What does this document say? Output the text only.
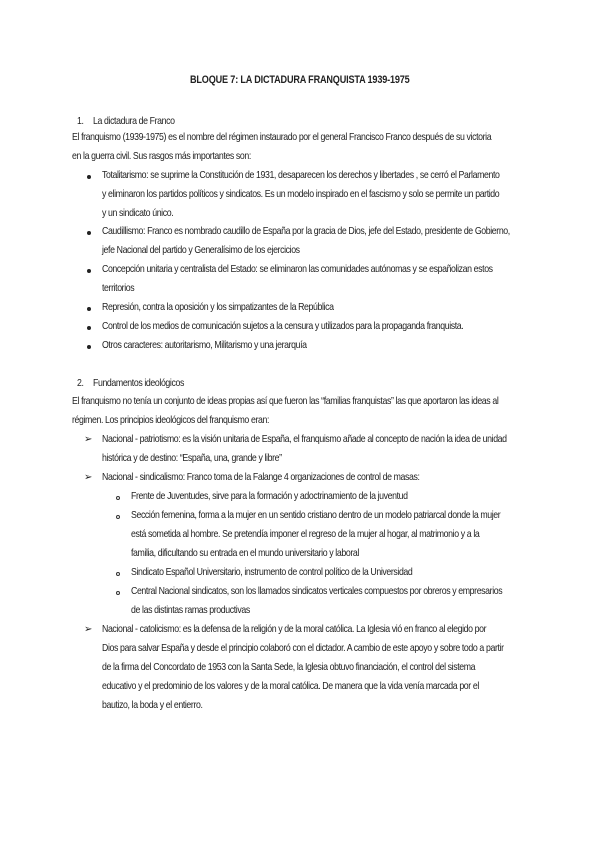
BLOQUE 7: LA DICTADURA FRANQUISTA 1939-1975
1. La dictadura de Franco
El franquismo (1939-1975) es el nombre del régimen instaurado por el general Francisco Franco después de su victoria
en la guerra civil. Sus rasgos más importantes son:
Totalitarismo: se suprime la Constitución de 1931, desaparecen los derechos y libertades , se cerró el Parlamento
y eliminaron los partidos políticos y sindicatos. Es un modelo inspirado en el fascismo y solo se permite un partido
y un sindicato único.
Caudillismo: Franco es nombrado caudillo de España por la gracia de Dios, jefe del Estado, presidente de Gobierno,
jefe Nacional del partido y Generalísimo de los ejercicios
Concepción unitaria y centralista del Estado: se eliminaron las comunidades autónomas y se españolizan estos
territorios
Represión, contra la oposición y los simpatizantes de la República
Control de los medios de comunicación sujetos a la censura y utilizados para la propaganda franquista.
Otros caracteres: autoritarismo, Militarismo y una jerarquía
2. Fundamentos ideológicos
El franquismo no tenía un conjunto de ideas propias así que fueron las “familias franquistas” las que aportaron las ideas al
régimen. Los principios ideológicos del franquismo eran:
➢ Nacional - patriotismo: es la visión unitaria de España, el franquismo añade al concepto de nación la idea de unidad
histórica y de destino: “España, una, grande y libre”
➢ Nacional - sindicalismo: Franco toma de la Falange 4 organizaciones de control de masas:
Frente de Juventudes, sirve para la formación y adoctrinamiento de la juventud
Sección femenina, forma a la mujer en un sentido cristiano dentro de un modelo patriarcal donde la mujer
está sometida al hombre. Se pretendía imponer el regreso de la mujer al hogar, al matrimonio y a la
familia, dificultando su entrada en el mundo universitario y laboral
Sindicato Español Universitario, instrumento de control político de la Universidad
Central Nacional sindicatos, son los llamados sindicatos verticales compuestos por obreros y empresarios
de las distintas ramas productivas
➢ Nacional - catolicismo: es la defensa de la religión y de la moral católica. La Iglesia vió en franco al elegido por
Dios para salvar España y desde el principio colaboró con el dictador. A cambio de este apoyo y sobre todo a partir
de la firma del Concordato de 1953 con la Santa Sede, la Iglesia obtuvo financiación, el control del sistema
educativo y el predominio de los valores y de la moral católica. De manera que la vida venía marcada por el
bautizo, la boda y el entierro.
